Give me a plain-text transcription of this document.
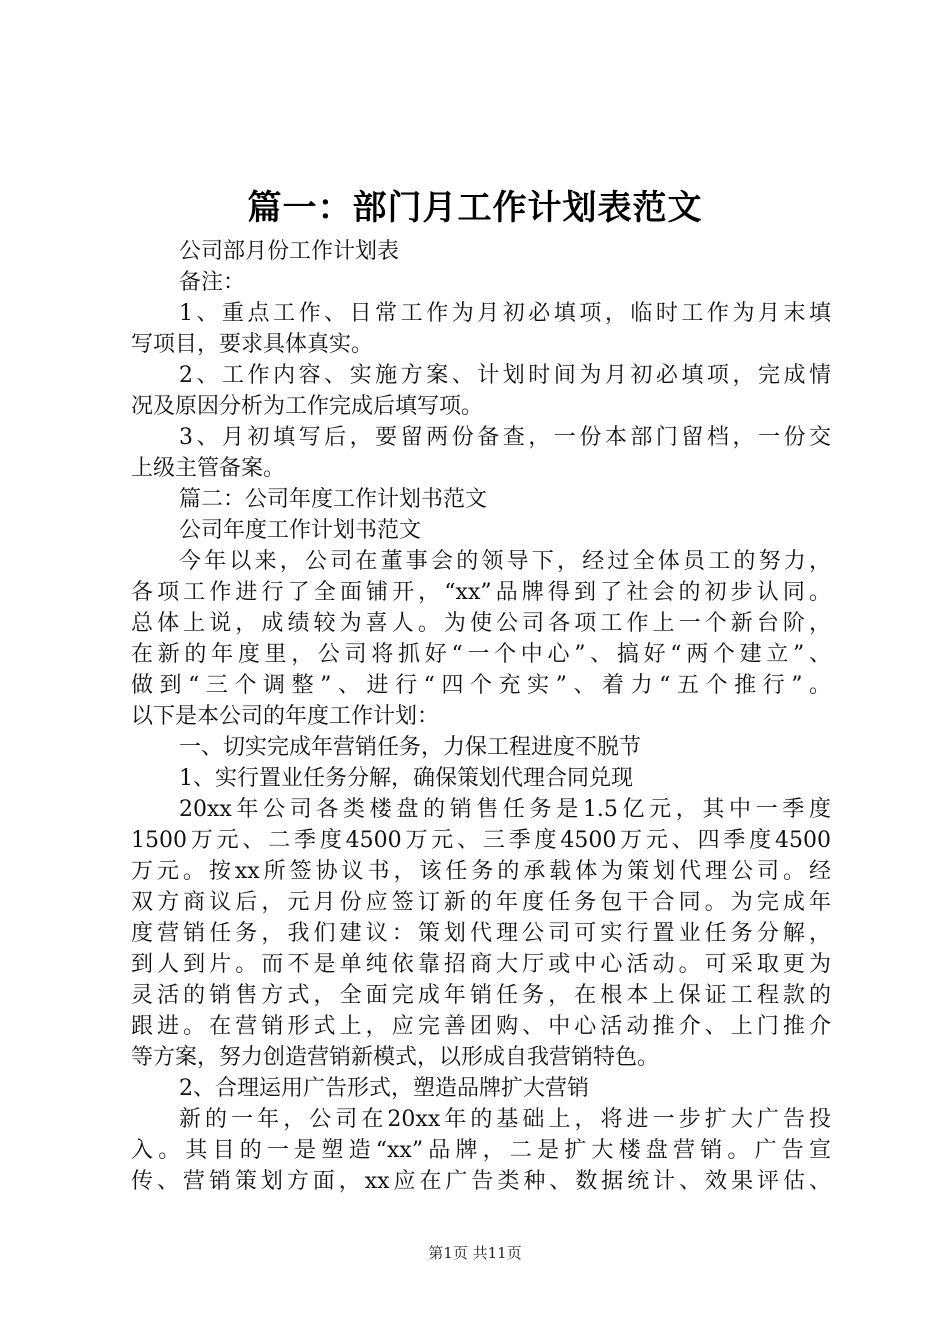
篇一：部门月工作计划表范文
公司部月份工作计划表
备注：
1、重点工作、日常工作为月初必填项，临时工作为月末填
写项目，要求具体真实。
2、工作内容、实施方案、计划时间为月初必填项，完成情
况及原因分析为工作完成后填写项。
3、月初填写后，要留两份备查，一份本部门留档，一份交
上级主管备案。
篇二：公司年度工作计划书范文
公司年度工作计划书范文
今年以来，公司在董事会的领导下，经过全体员工的努力，
各项工作进行了全面铺开，“xx”品牌得到了社会的初步认同。
总体上说，成绩较为喜人。为使公司各项工作上一个新台阶，
在新的年度里，公司将抓好“一个中心”、搞好“两个建立”、
做到“三个调整”、进行“四个充实”、着力“五个推行”。
以下是本公司的年度工作计划：
一、切实完成年营销任务，力保工程进度不脱节
1、实行置业任务分解，确保策划代理合同兑现
20xx年公司各类楼盘的销售任务是1.5亿元，其中一季度
1500万元、二季度4500万元、三季度4500万元、四季度4500
万元。按xx所签协议书，该任务的承载体为策划代理公司。经
双方商议后，元月份应签订新的年度任务包干合同。为完成年
度营销任务，我们建议：策划代理公司可实行置业任务分解，
到人到片。而不是单纯依靠招商大厅或中心活动。可采取更为
灵活的销售方式，全面完成年销任务，在根本上保证工程款的
跟进。在营销形式上，应完善团购、中心活动推介、上门推介
等方案，努力创造营销新模式，以形成自我营销特色。
2、合理运用广告形式，塑造品牌扩大营销
新的一年，公司在20xx年的基础上，将进一步扩大广告投
入。其目的一是塑造“xx”品牌，二是扩大楼盘营销。广告宣
传、营销策划方面，xx应在广告类种、数据统计、效果评估、
第1页 共11页
